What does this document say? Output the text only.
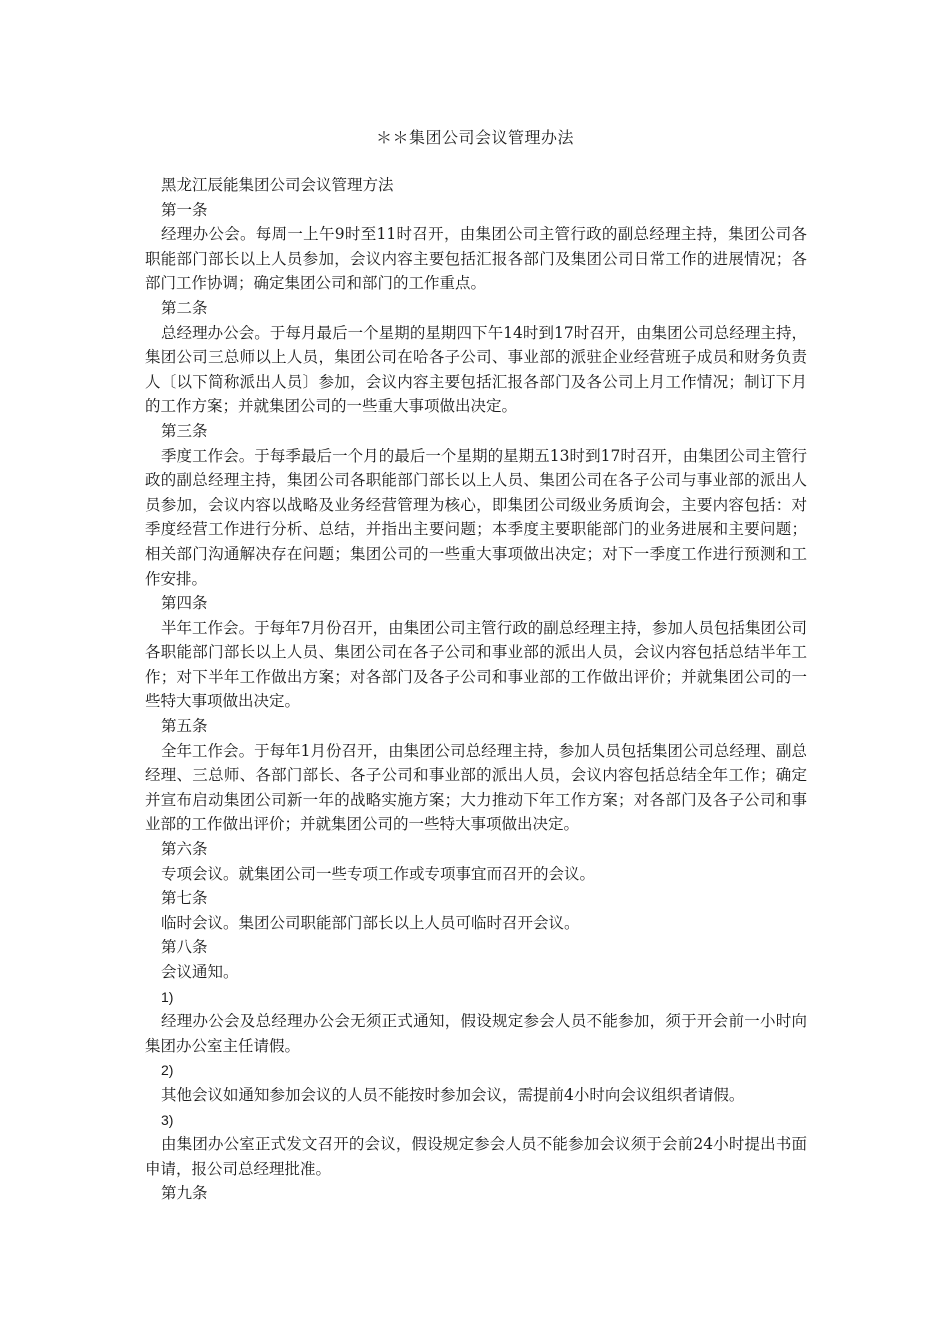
＊＊集团公司会议管理办法

黑龙江辰能集团公司会议管理方法

第一条

经理办公会。每周一上午9时至11时召开，由集团公司主管行政的副总经理主持，集团公司各职能部门部长以上人员参加，会议内容主要包括汇报各部门及集团公司日常工作的进展情况；各部门工作协调；确定集团公司和部门的工作重点。

第二条

总经理办公会。于每月最后一个星期的星期四下午14时到17时召开，由集团公司总经理主持，集团公司三总师以上人员，集团公司在哈各子公司、事业部的派驻企业经营班子成员和财务负责人〔以下简称派出人员〕参加，会议内容主要包括汇报各部门及各公司上月工作情况；制订下月的工作方案；并就集团公司的一些重大事项做出决定。

第三条

季度工作会。于每季最后一个月的最后一个星期的星期五13时到17时召开，由集团公司主管行政的副总经理主持，集团公司各职能部门部长以上人员、集团公司在各子公司与事业部的派出人员参加，会议内容以战略及业务经营管理为核心，即集团公司级业务质询会，主要内容包括：对季度经营工作进行分析、总结，并指出主要问题；本季度主要职能部门的业务进展和主要问题；相关部门沟通解决存在问题；集团公司的一些重大事项做出决定；对下一季度工作进行预测和工作安排。

第四条

半年工作会。于每年7月份召开，由集团公司主管行政的副总经理主持，参加人员包括集团公司各职能部门部长以上人员、集团公司在各子公司和事业部的派出人员，会议内容包括总结半年工作；对下半年工作做出方案；对各部门及各子公司和事业部的工作做出评价；并就集团公司的一些特大事项做出决定。

第五条

全年工作会。于每年1月份召开，由集团公司总经理主持，参加人员包括集团公司总经理、副总经理、三总师、各部门部长、各子公司和事业部的派出人员，会议内容包括总结全年工作；确定并宣布启动集团公司新一年的战略实施方案；大力推动下年工作方案；对各部门及各子公司和事业部的工作做出评价；并就集团公司的一些特大事项做出决定。

第六条

专项会议。就集团公司一些专项工作或专项事宜而召开的会议。

第七条

临时会议。集团公司职能部门部长以上人员可临时召开会议。

第八条

会议通知。

1)

经理办公会及总经理办公会无须正式通知，假设规定参会人员不能参加，须于开会前一小时向集团办公室主任请假。

2)

其他会议如通知参加会议的人员不能按时参加会议，需提前4小时向会议组织者请假。

3)

由集团办公室正式发文召开的会议，假设规定参会人员不能参加会议须于会前24小时提出书面申请，报公司总经理批准。

第九条
